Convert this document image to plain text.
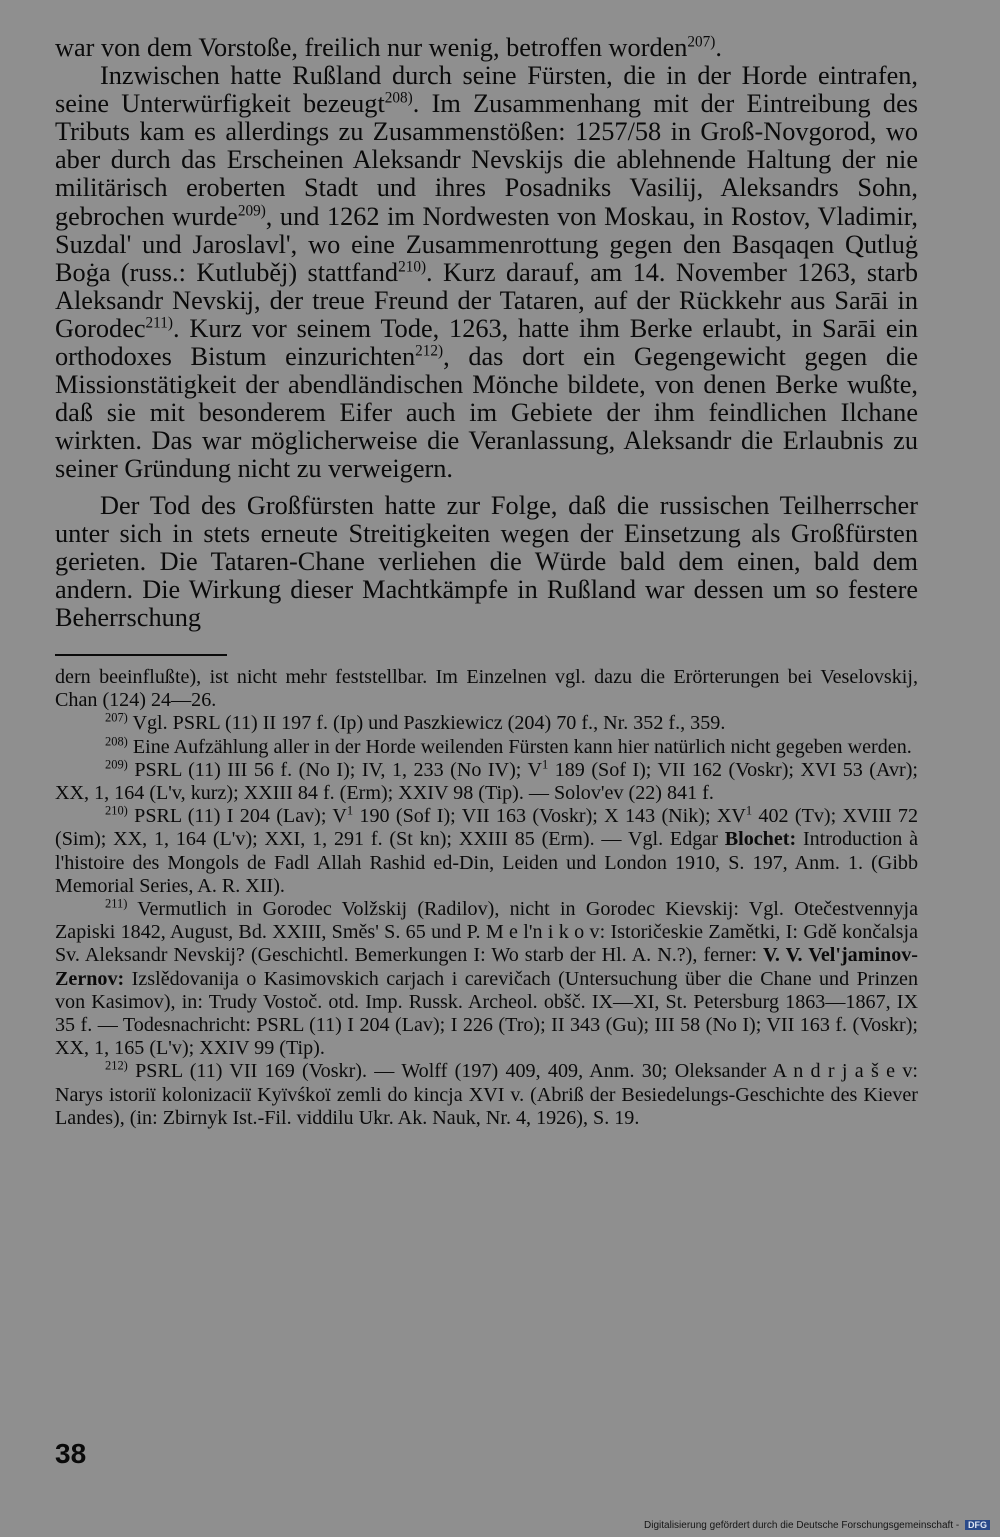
war von dem Vorstoße, freilich nur wenig, betroffen worden$^{207)}$.

Inzwischen hatte Rußland durch seine Fürsten, die in der Horde eintrafen, seine Unterwürfigkeit bezeugt$^{208)}$. Im Zusammenhang mit der Eintreibung des Tributs kam es allerdings zu Zusammenstößen: 1257/58 in Groß-Novgorod, wo aber durch das Erscheinen Aleksandr Nevskijs die ablehnende Haltung der nie militärisch eroberten Stadt und ihres Posadniks Vasilij, Aleksandrs Sohn, gebrochen wurde$^{209)}$, und 1262 im Nordwesten von Moskau, in Rostov, Vladimir, Suzdal' und Jaroslavl', wo eine Zusammenrottung gegen den Basqaqen Qutluġ Boġa (russ.: Kutluběj) stattfand$^{210)}$. Kurz darauf, am 14. November 1263, starb Aleksandr Nevskij, der treue Freund der Tataren, auf der Rückkehr aus Sarāi in Gorodec$^{211)}$. Kurz vor seinem Tode, 1263, hatte ihm Berke erlaubt, in Sarāi ein orthodoxes Bistum einzurichten$^{212)}$, das dort ein Gegengewicht gegen die Missionstätigkeit der abendländischen Mönche bildete, von denen Berke wußte, daß sie mit besonderem Eifer auch im Gebiete der ihm feindlichen Ilchane wirkten. Das war möglicherweise die Veranlassung, Aleksandr die Erlaubnis zu seiner Gründung nicht zu verweigern.

Der Tod des Großfürsten hatte zur Folge, daß die russischen Teilherrscher unter sich in stets erneute Streitigkeiten wegen der Einsetzung als Großfürsten gerieten. Die Tataren-Chane verliehen die Würde bald dem einen, bald dem andern. Die Wirkung dieser Machtkämpfe in Rußland war dessen um so festere Beherrschung

dern beeinflußte), ist nicht mehr feststellbar. Im Einzelnen vgl. dazu die Erörterungen bei Veselovskij, Chan (124) 24—26.

$^{207)}$ Vgl. PSRL (11) II 197 f. (Ip) und Paszkiewicz (204) 70 f., Nr. 352 f., 359.

$^{208)}$ Eine Aufzählung aller in der Horde weilenden Fürsten kann hier natürlich nicht gegeben werden.

$^{209)}$ PSRL (11) III 56 f. (No I); IV, 1, 233 (No IV); $V^1$ 189 (Sof I); VII 162 (Voskr); XVI 53 (Avr); XX, 1, 164 (L'v, kurz); XXIII 84 f. (Erm); XXIV 98 (Tip). — Solov'ev (22) 841 f.

$^{210)}$ PSRL (11) I 204 (Lav); $V^1$ 190 (Sof I); VII 163 (Voskr); X 143 (Nik); $XV^1$ 402 (Tv); XVIII 72 (Sim); XX, 1, 164 (L'v); XXI, 1, 291 f. (St kn); XXIII 85 (Erm). — Vgl. Edgar Blochet: Introduction à l'histoire des Mongols de Fadl Allah Rashid ed-Din, Leiden und London 1910, S. 197, Anm. 1. (Gibb Memorial Series, A. R. XII).

$^{211)}$ Vermutlich in Gorodec Volžskij (Radilov), nicht in Gorodec Kievskij: Vgl. Otečestvennyja Zapiski 1842, August, Bd. XXIII, Směs' S. 65 und P. M e l'n i k o v: Istoričeskie Zamětki, I: Gdě končalsja Sv. Aleksandr Nevskij? (Geschichtl. Bemerkungen I: Wo starb der Hl. A. N.?), ferner: V. V. Vel'jaminov-Zernov: Izslědovanija o Kasimovskich carjach i carevičach (Untersuchung über die Chane und Prinzen von Kasimov), in: Trudy Vostoč. otd. Imp. Russk. Archeol. obšč. IX—XI, St. Petersburg 1863—1867, IX 35 f. — Todesnachricht: PSRL (11) I 204 (Lav); I 226 (Tro); II 343 (Gu); III 58 (No I); VII 163 f. (Voskr); XX, 1, 165 (L'v); XXIV 99 (Tip).

$^{212)}$ PSRL (11) VII 169 (Voskr). — Wolff (197) 409, 409, Anm. 30; Oleksander A n d r j a š e v: Narys istoriï kolonizaciï Kyïvśkoï zemli do kincja XVI v. (Abriß der Besiedelungs-Geschichte des Kiever Landes), (in: Zbirnyk Ist.-Fil. viddilu Ukr. Ak. Nauk, Nr. 4, 1926), S. 19.

38
Digitalisierung gefördert durch die Deutsche Forschungsgemeinschaft - DFG
